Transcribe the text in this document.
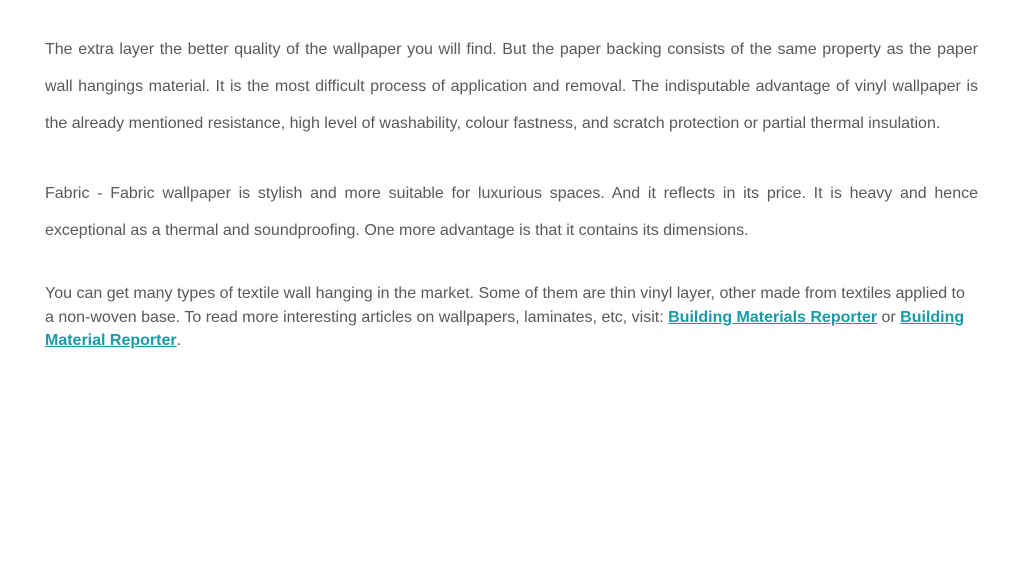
The extra layer the better quality of the wallpaper you will find. But the paper backing consists of the same property as the paper wall hangings material. It is the most difficult process of application and removal. The indisputable advantage of vinyl wallpaper is the already mentioned resistance, high level of washability, colour fastness, and scratch protection or partial thermal insulation.

Fabric - Fabric wallpaper is stylish and more suitable for luxurious spaces. And it reflects in its price. It is heavy and hence exceptional as a thermal and soundproofing. One more advantage is that it contains its dimensions.

You can get many types of textile wall hanging in the market. Some of them are thin vinyl layer, other made from textiles applied to a non-woven base. To read more interesting articles on wallpapers, laminates, etc, visit: Building Materials Reporter or Building Material Reporter.
